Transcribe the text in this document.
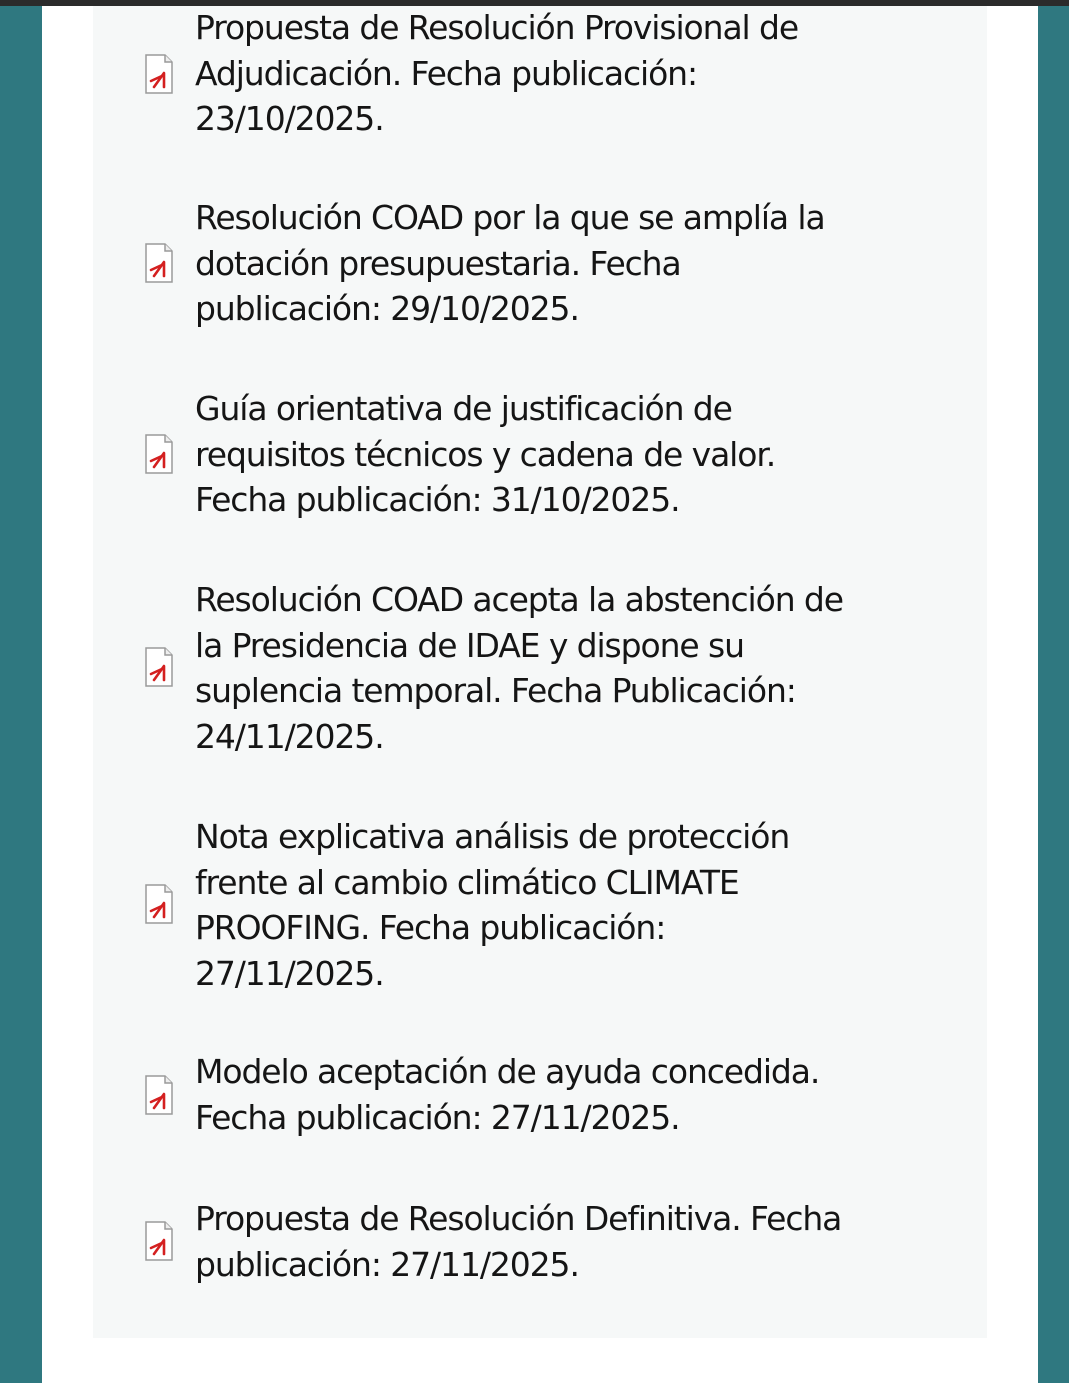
Propuesta de Resolución Provisional de
Adjudicación. Fecha publicación:
23/10/2025.
Resolución COAD por la que se amplía la
dotación presupuestaria. Fecha
publicación: 29/10/2025.
Guía orientativa de justificación de
requisitos técnicos y cadena de valor.
Fecha publicación: 31/10/2025.
Resolución COAD acepta la abstención de
la Presidencia de IDAE y dispone su
suplencia temporal. Fecha Publicación:
24/11/2025.
Nota explicativa análisis de protección
frente al cambio climático CLIMATE
PROOFING. Fecha publicación:
27/11/2025.
Modelo aceptación de ayuda concedida.
Fecha publicación: 27/11/2025.
Propuesta de Resolución Definitiva. Fecha
publicación: 27/11/2025.
